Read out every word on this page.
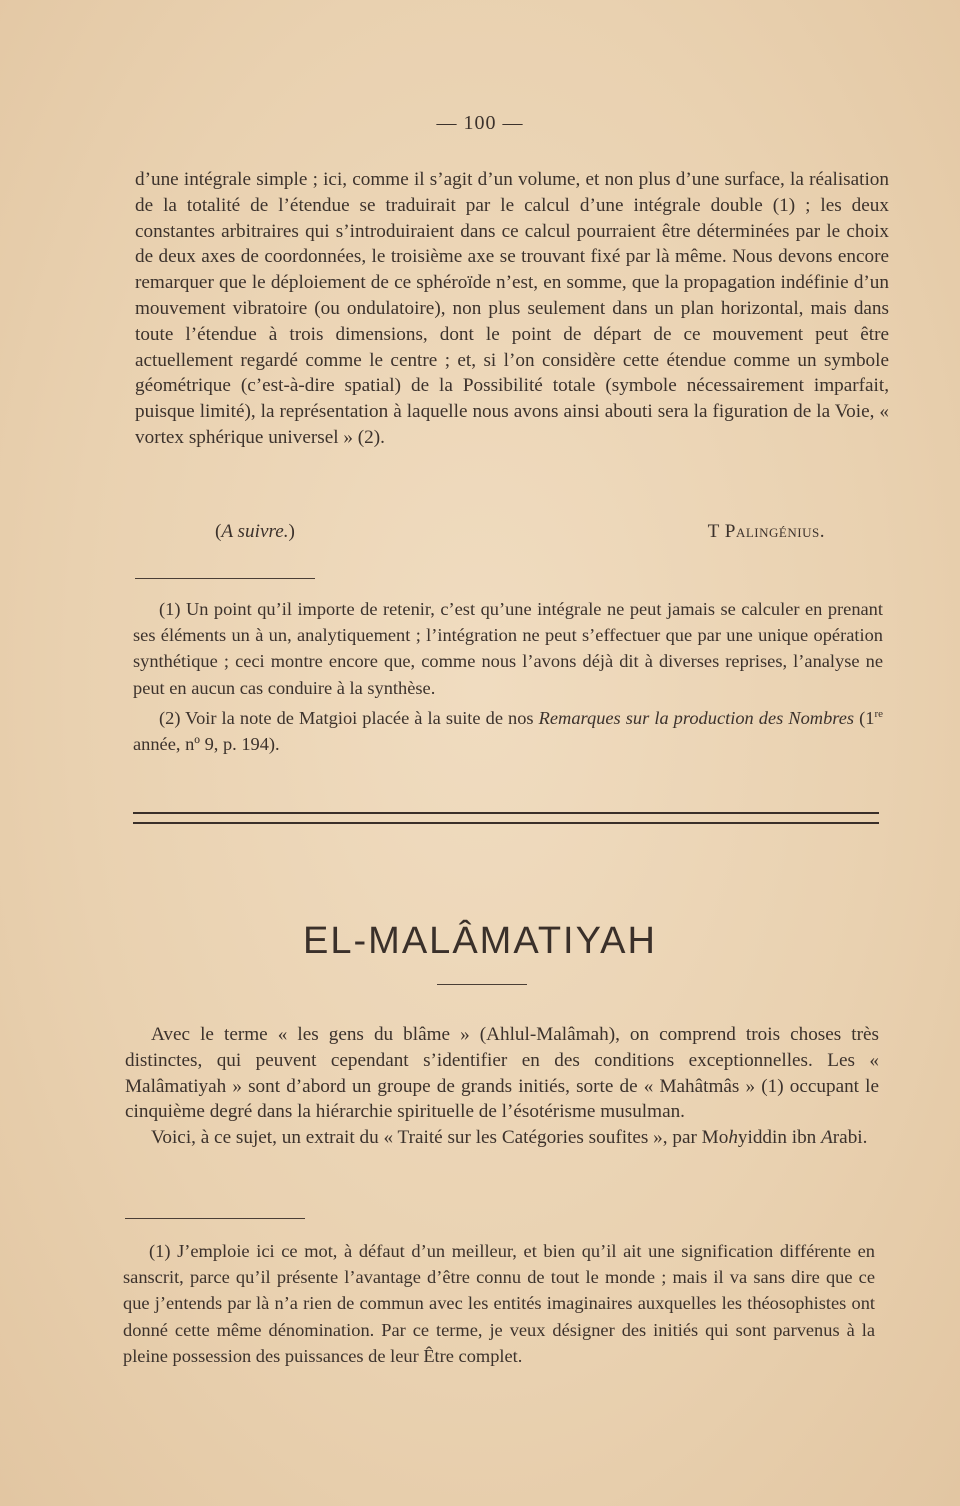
— 100 —

d’une intégrale simple ; ici, comme il s’agit d’un volume, et non plus d’une surface, la réalisation de la totalité de l’étendue se traduirait par le calcul d’une intégrale double (1) ; les deux constantes arbitraires qui s’introduiraient dans ce calcul pourraient être déterminées par le choix de deux axes de coordonnées, le troisième axe se trouvant fixé par là même. Nous devons encore remarquer que le déploiement de ce sphéroïde n’est, en somme, que la propagation indéfinie d’un mouvement vibratoire (ou ondulatoire), non plus seulement dans un plan horizontal, mais dans toute l’étendue à trois dimensions, dont le point de départ de ce mouvement peut être actuellement regardé comme le centre ; et, si l’on considère cette étendue comme un symbole géométrique (c’est-à-dire spatial) de la Possibilité totale (symbole nécessairement imparfait, puisque limité), la représentation à laquelle nous avons ainsi abouti sera la figuration de la Voie, « vortex sphérique universel » (2).

(A suivre.)	T Palingénius.

(1) Un point qu’il importe de retenir, c’est qu’une intégrale ne peut jamais se calculer en prenant ses éléments un à un, analytiquement ; l’intégration ne peut s’effectuer que par une unique opération synthétique ; ceci montre encore que, comme nous l’avons déjà dit à diverses reprises, l’analyse ne peut en aucun cas conduire à la synthèse.

(2) Voir la note de Matgioi placée à la suite de nos Remarques sur la production des Nombres (1re année, nº 9, p. 194).

EL-MALÂMATIYAH

Avec le terme « les gens du blâme » (Ahlul-Malâmah), on comprend trois choses très distinctes, qui peuvent cependant s’identifier en des conditions exceptionnelles. Les « Malâmatiyah » sont d’abord un groupe de grands initiés, sorte de « Mahâtmâs » (1) occupant le cinquième degré dans la hiérarchie spirituelle de l’ésotérisme musulman.

Voici, à ce sujet, un extrait du « Traité sur les Catégories soufites », par Mohyiddin ibn Arabi.

(1) J’emploie ici ce mot, à défaut d’un meilleur, et bien qu’il ait une signification différente en sanscrit, parce qu’il présente l’avantage d’être connu de tout le monde ; mais il va sans dire que ce que j’entends par là n’a rien de commun avec les entités imaginaires auxquelles les théosophistes ont donné cette même dénomination. Par ce terme, je veux désigner des initiés qui sont parvenus à la pleine possession des puissances de leur Être complet.
